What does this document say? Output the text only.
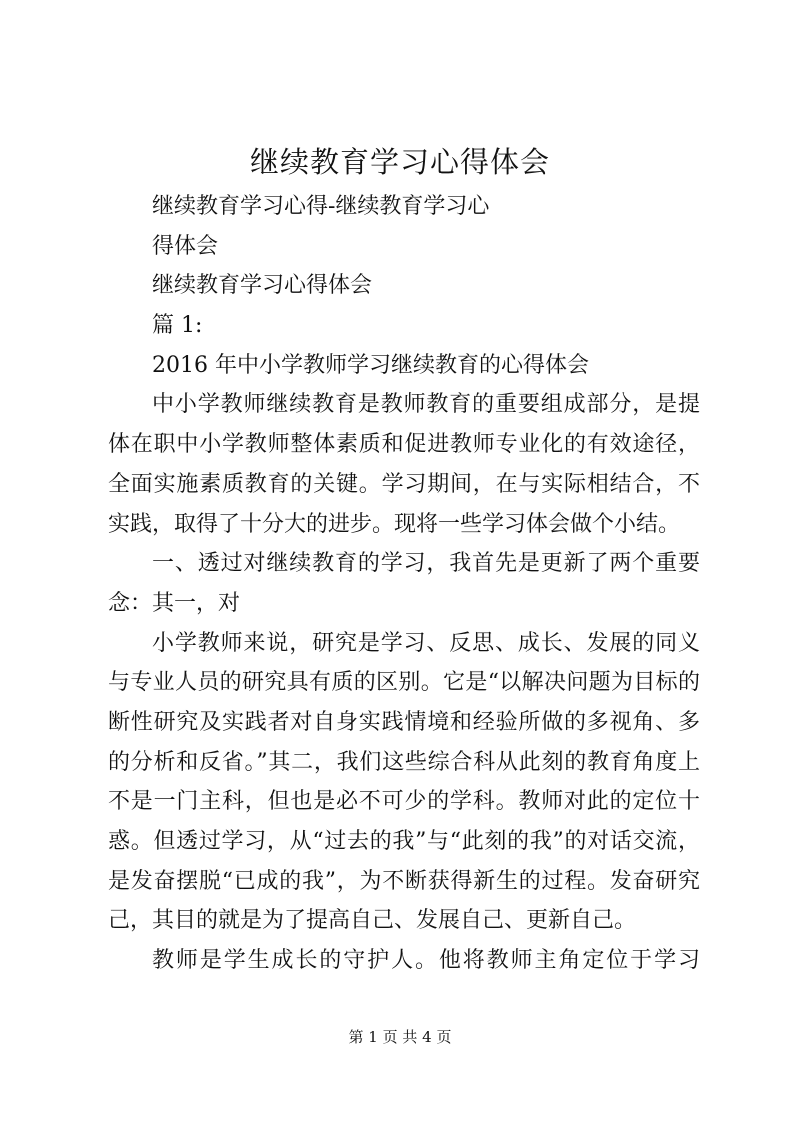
继续教育学习心得体会
继续教育学习心得-继续教育学习心
得体会
继续教育学习心得体会
篇 1:
2016 年中小学教师学习继续教育的心得体会
中小学教师继续教育是教师教育的重要组成部分，是提
体在职中小学教师整体素质和促进教师专业化的有效途径，
全面实施素质教育的关键。学习期间，在与实际相结合，不
实践，取得了十分大的进步。现将一些学习体会做个小结。
一、透过对继续教育的学习，我首先是更新了两个重要
念：其一，对
小学教师来说，研究是学习、反思、成长、发展的同义
与专业人员的研究具有质的区别。它是“以解决问题为目标的
断性研究及实践者对自身实践情境和经验所做的多视角、多
的分析和反省。”其二，我们这些综合科从此刻的教育角度上
不是一门主科，但也是必不可少的学科。教师对此的定位十
惑。但透过学习，从“过去的我”与“此刻的我”的对话交流，
是发奋摆脱“已成的我”，为不断获得新生的过程。发奋研究
己，其目的就是为了提高自己、发展自己、更新自己。
教师是学生成长的守护人。他将教师主角定位于学习
第 1 页 共 4 页
